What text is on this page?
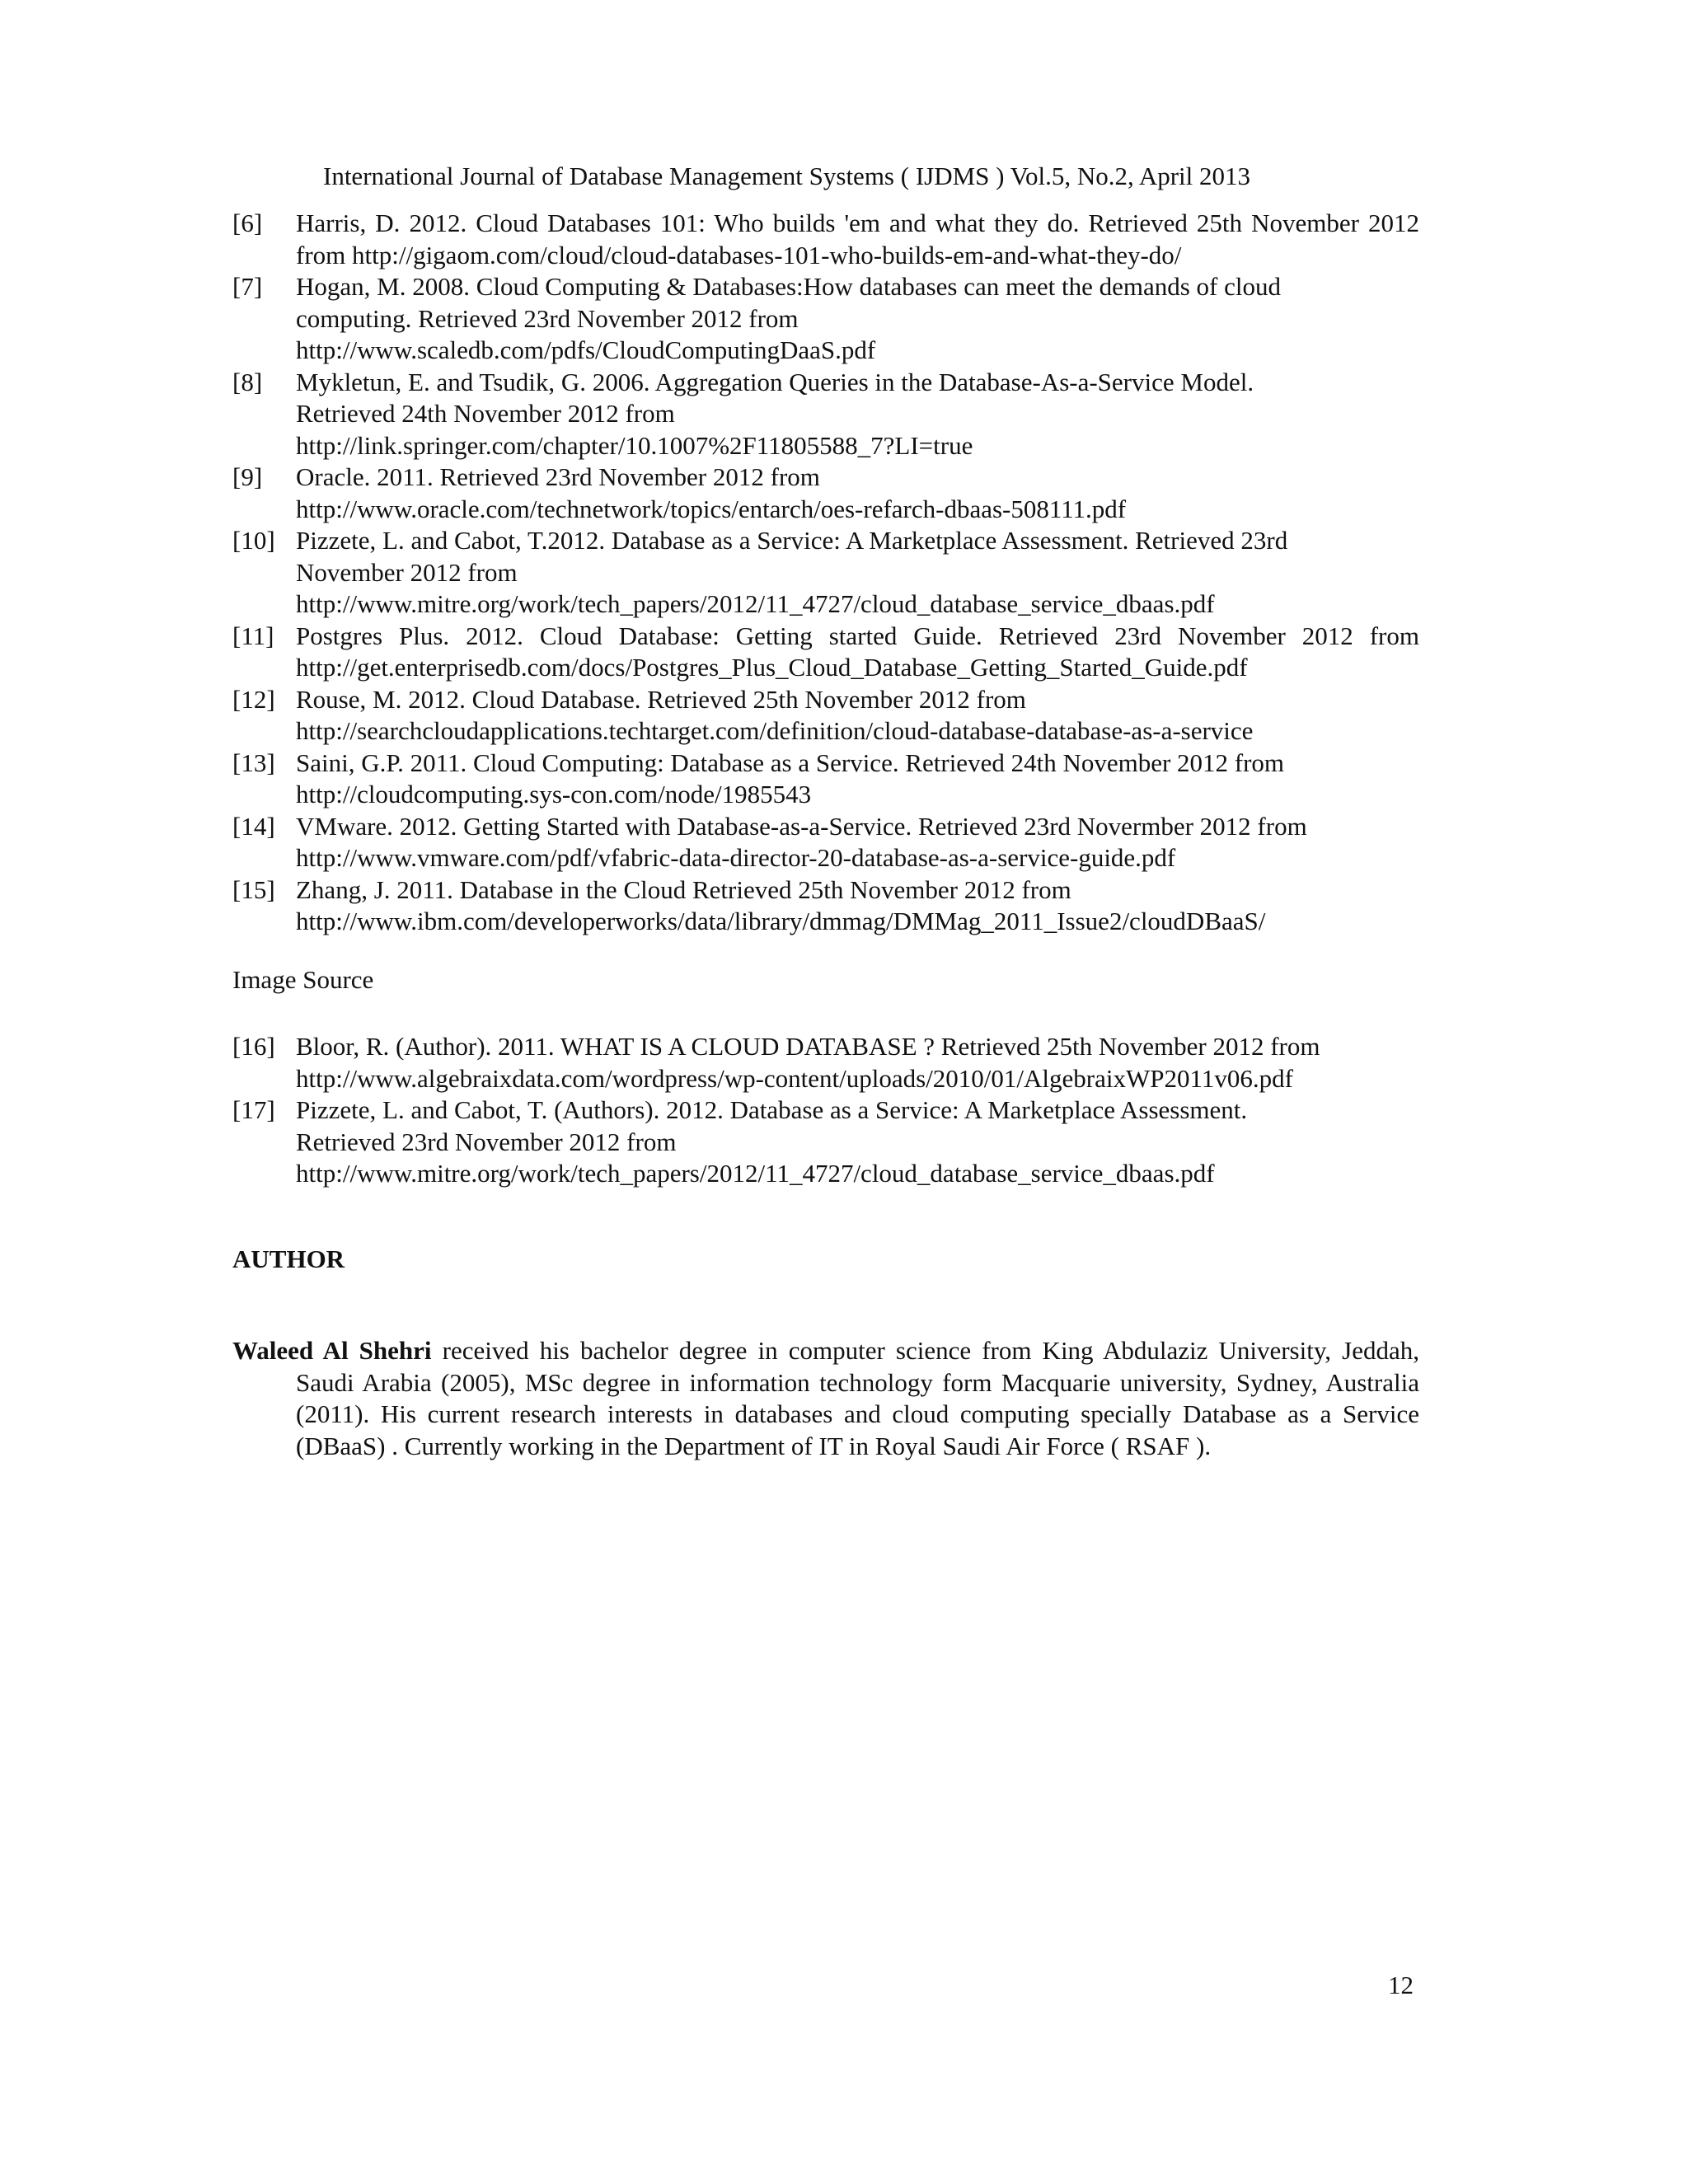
International Journal of Database Management Systems ( IJDMS ) Vol.5, No.2, April 2013
[6]	Harris, D. 2012. Cloud Databases 101: Who builds 'em and what they do. Retrieved 25th November 2012 from http://gigaom.com/cloud/cloud-databases-101-who-builds-em-and-what-they-do/
[7]	Hogan, M. 2008. Cloud Computing & Databases:How databases can meet the demands of cloud
computing. Retrieved 23rd November 2012 from
http://www.scaledb.com/pdfs/CloudComputingDaaS.pdf
[8]	Mykletun, E. and Tsudik, G. 2006. Aggregation Queries in the Database-As-a-Service Model.
Retrieved 24th November 2012 from
http://link.springer.com/chapter/10.1007%2F11805588_7?LI=true
[9]	Oracle. 2011. Retrieved 23rd November 2012 from
http://www.oracle.com/technetwork/topics/entarch/oes-refarch-dbaas-508111.pdf
[10] Pizzete, L. and Cabot, T.2012. Database as a Service: A Marketplace Assessment. Retrieved 23rd
November 2012 from
http://www.mitre.org/work/tech_papers/2012/11_4727/cloud_database_service_dbaas.pdf
[11] Postgres Plus. 2012. Cloud Database: Getting started Guide. Retrieved 23rd November 2012 from http://get.enterprisedb.com/docs/Postgres_Plus_Cloud_Database_Getting_Started_Guide.pdf
[12] Rouse, M. 2012. Cloud Database. Retrieved 25th November 2012 from
http://searchcloudapplications.techtarget.com/definition/cloud-database-database-as-a-service
[13] Saini, G.P. 2011. Cloud Computing: Database as a Service. Retrieved 24th November 2012 from
http://cloudcomputing.sys-con.com/node/1985543
[14] VMware. 2012. Getting Started with Database-as-a-Service. Retrieved 23rd Novermber 2012 from
http://www.vmware.com/pdf/vfabric-data-director-20-database-as-a-service-guide.pdf
[15] Zhang, J. 2011. Database in the Cloud Retrieved 25th November 2012 from
http://www.ibm.com/developerworks/data/library/dmmag/DMMag_2011_Issue2/cloudDBaaS/
Image Source
[16] Bloor, R. (Author). 2011. WHAT IS A CLOUD DATABASE ? Retrieved 25th November 2012 from
http://www.algebraixdata.com/wordpress/wp-content/uploads/2010/01/AlgebraixWP2011v06.pdf
[17] Pizzete, L. and Cabot, T. (Authors). 2012. Database as a Service: A Marketplace Assessment.
Retrieved 23rd November 2012 from
http://www.mitre.org/work/tech_papers/2012/11_4727/cloud_database_service_dbaas.pdf
AUTHOR

Waleed Al Shehri received his bachelor degree in computer science from King Abdulaziz University, Jeddah, Saudi Arabia (2005), MSc degree in information technology form Macquarie university, Sydney, Australia (2011). His current research interests in databases and cloud computing specially Database as a Service (DBaaS) . Currently working in the Department of IT in Royal Saudi Air Force ( RSAF ).

12
